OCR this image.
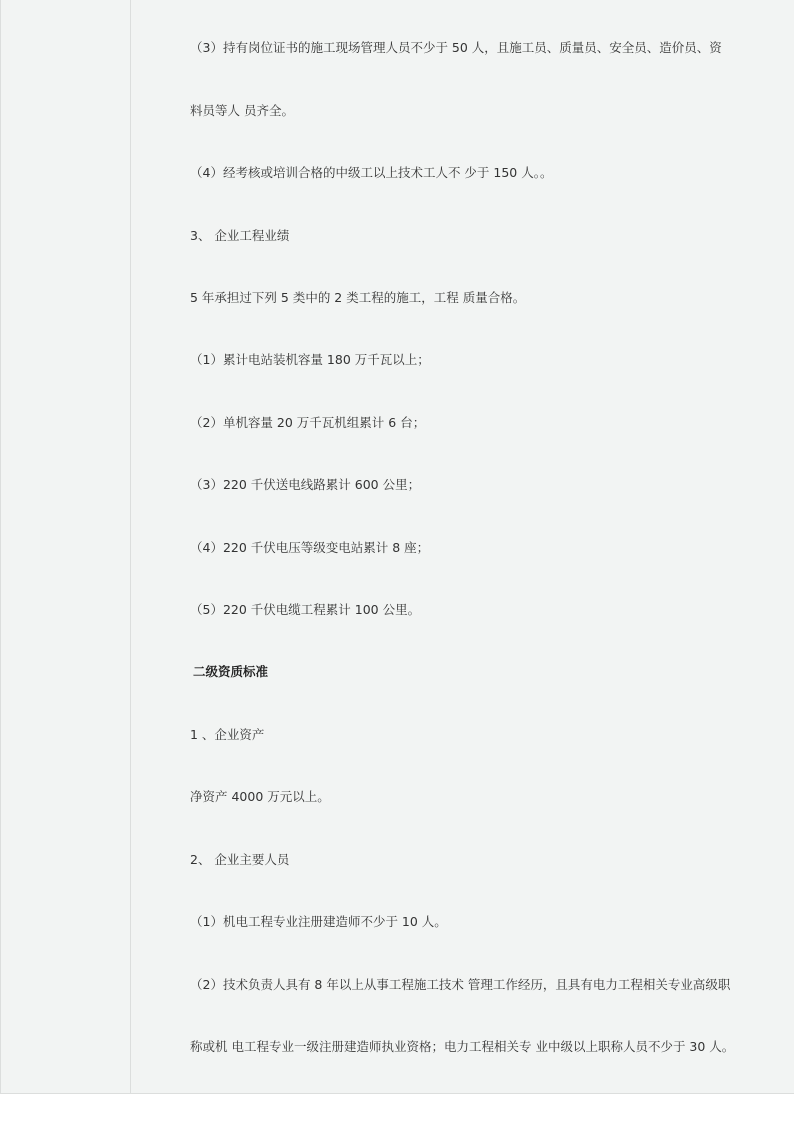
（3）持有岗位证书的施工现场管理人员不少于 50 人，且施工员、质量员、安全员、造价员、资
料员等人 员齐全。
（4）经考核或培训合格的中级工以上技术工人不 少于 150 人。。
3、 企业工程业绩
5 年承担过下列 5 类中的 2 类工程的施工，工程 质量合格。
（1）累计电站装机容量 180 万千瓦以上；
（2）单机容量 20 万千瓦机组累计 6 台；
（3）220 千伏送电线路累计 600 公里；
（4）220 千伏电压等级变电站累计 8 座；
（5）220 千伏电缆工程累计 100 公里。
二级资质标准
1 、企业资产
净资产 4000 万元以上。
2、 企业主要人员
（1）机电工程专业注册建造师不少于 10 人。
（2）技术负责人具有 8 年以上从事工程施工技术 管理工作经历，且具有电力工程相关专业高级职
称或机 电工程专业一级注册建造师执业资格；电力工程相关专 业中级以上职称人员不少于 30 人。
